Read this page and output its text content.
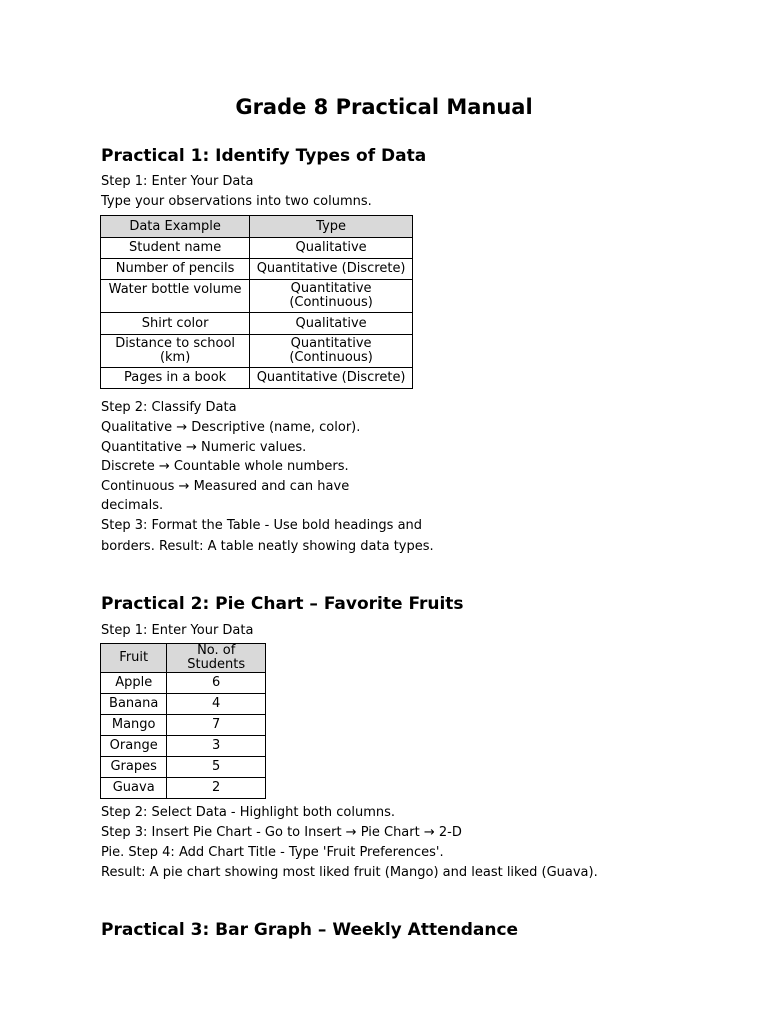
Grade 8 Practical Manual
Practical 1: Identify Types of Data

Step 1: Enter Your Data

Type your observations into two columns.

Data Example	Type
Student name	Qualitative
Number of pencils	Quantitative (Discrete)
Water bottle volume	Quantitative
(Continuous)
Shirt color	Qualitative
Distance to school
(km)	Quantitative
(Continuous)
Pages in a book	Quantitative (Discrete)

Step 2: Classify Data

Qualitative → Descriptive (name, color).

Quantitative → Numeric values.

Discrete → Countable whole numbers.

Continuous → Measured and can have

decimals.

Step 3: Format the Table - Use bold headings and

borders. Result: A table neatly showing data types.

Practical 2: Pie Chart – Favorite Fruits

Step 1: Enter Your Data

Fruit	No. of Students
Apple	6
Banana	4
Mango	7
Orange	3
Grapes	5
Guava	2

Step 2: Select Data - Highlight both columns.

Step 3: Insert Pie Chart - Go to Insert → Pie Chart → 2-D

Pie. Step 4: Add Chart Title - Type 'Fruit Preferences'.

Result: A pie chart showing most liked fruit (Mango) and least liked (Guava).

Practical 3: Bar Graph – Weekly Attendance
